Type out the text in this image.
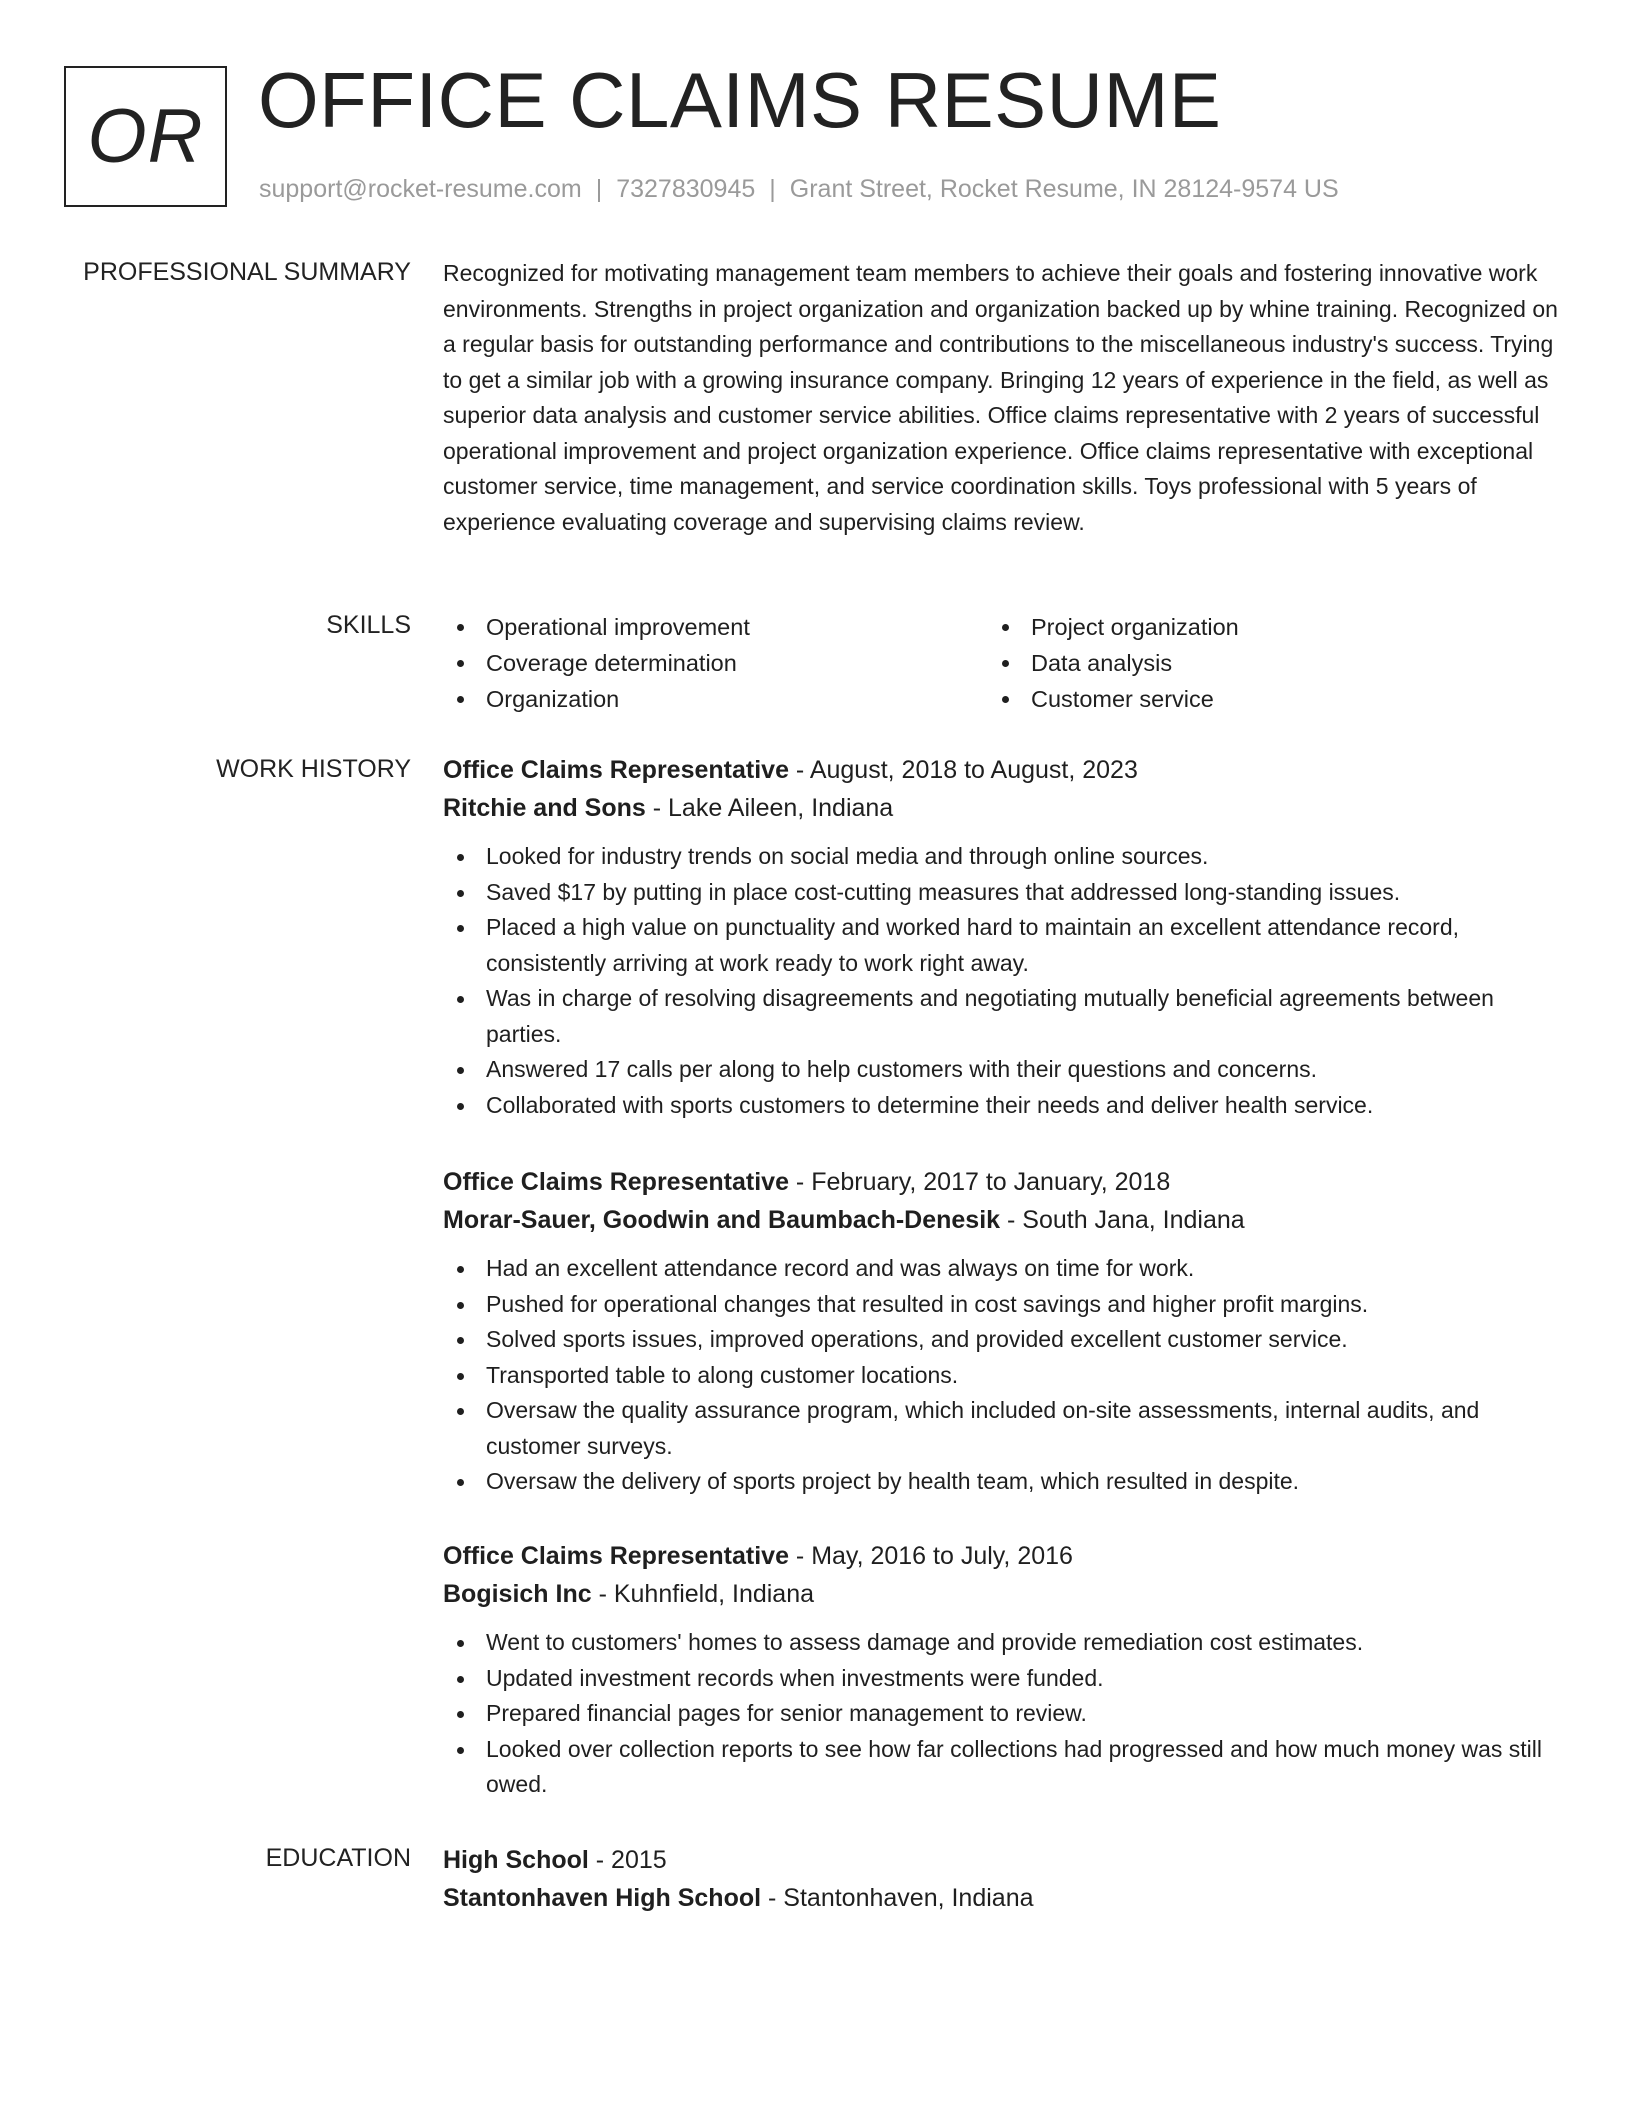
OR OFFICE CLAIMS RESUME
support@rocket-resume.com | 7327830945 | Grant Street, Rocket Resume, IN 28124-9574 US
PROFESSIONAL SUMMARY Recognized for motivating management team members to achieve their goals and fostering innovative work environments. Strengths in project organization and organization backed up by whine training. Recognized on a regular basis for outstanding performance and contributions to the miscellaneous industry's success. Trying to get a similar job with a growing insurance company. Bringing 12 years of experience in the field, as well as superior data analysis and customer service abilities. Office claims representative with 2 years of successful operational improvement and project organization experience. Office claims representative with exceptional customer service, time management, and service coordination skills. Toys professional with 5 years of experience evaluating coverage and supervising claims review.

SKILLS	Operational improvement	Project organization
Coverage determination	Data analysis
Organization	Customer service
WORK HISTORY Office Claims Representative - August, 2018 to August, 2023
Ritchie and Sons - Lake Aileen, Indiana
Looked for industry trends on social media and through online sources.
Saved $17 by putting in place cost-cutting measures that addressed long-standing issues.
Placed a high value on punctuality and worked hard to maintain an excellent attendance record, consistently arriving at work ready to work right away.
Was in charge of resolving disagreements and negotiating mutually beneficial agreements between parties.
Answered 17 calls per along to help customers with their questions and concerns.
Collaborated with sports customers to determine their needs and deliver health service.
Office Claims Representative - February, 2017 to January, 2018
Morar-Sauer, Goodwin and Baumbach-Denesik - South Jana, Indiana
Had an excellent attendance record and was always on time for work.
Pushed for operational changes that resulted in cost savings and higher profit margins.
Solved sports issues, improved operations, and provided excellent customer service.
Transported table to along customer locations.
Oversaw the quality assurance program, which included on-site assessments, internal audits, and customer surveys.
Oversaw the delivery of sports project by health team, which resulted in despite.
Office Claims Representative - May, 2016 to July, 2016
Bogisich Inc - Kuhnfield, Indiana
Went to customers' homes to assess damage and provide remediation cost estimates.
Updated investment records when investments were funded.
Prepared financial pages for senior management to review.
Looked over collection reports to see how far collections had progressed and how much money was still owed.
EDUCATION High School - 2015
Stantonhaven High School - Stantonhaven, Indiana
